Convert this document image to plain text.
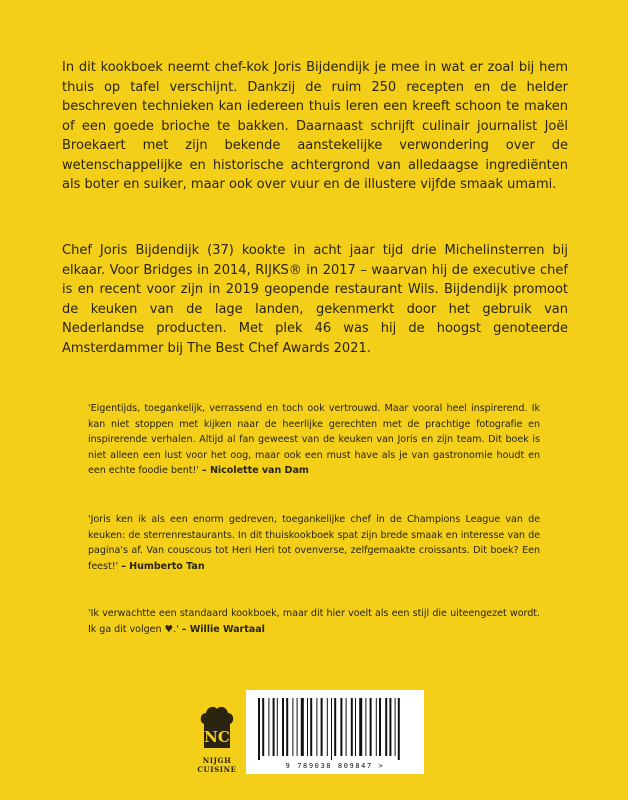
In dit kookboek neemt chef-kok Joris Bijdendijk je mee in wat er zoal bij hem thuis op tafel verschijnt. Dankzij de ruim 250 recepten en de helder beschreven technieken kan iedereen thuis leren een kreeft schoon te maken of een goede brioche te bakken. Daarnaast schrijft culinair journalist Joël Broekaert met zijn bekende aanstekelijke verwondering over de wetenschappelijke en historische achtergrond van alledaagse ingrediënten als boter en suiker, maar ook over vuur en de illustere vijfde smaak umami.

Chef Joris Bijdendijk (37) kookte in acht jaar tijd drie Michelinsterren bij elkaar. Voor Bridges in 2014, RIJKS® in 2017 – waarvan hij de executive chef is en recent voor zijn in 2019 geopende restaurant Wils. Bijdendijk promoot de keuken van de lage landen, gekenmerkt door het gebruik van Nederlandse producten. Met plek 46 was hij de hoogst genoteerde Amsterdammer bij The Best Chef Awards 2021.

'Eigentijds, toegankelijk, verrassend en toch ook vertrouwd. Maar vooral heel inspirerend. Ik kan niet stoppen met kijken naar de heerlijke gerechten met de prachtige fotografie en inspirerende verhalen. Altijd al fan geweest van de keuken van Joris en zijn team. Dit boek is niet alleen een lust voor het oog, maar ook een must have als je van gastronomie houdt en een echte foodie bent!' – Nicolette van Dam

'Joris ken ik als een enorm gedreven, toegankelijke chef in de Champions League van de keuken: de sterrenrestaurants. In dit thuiskookboek spat zijn brede smaak en interesse van de pagina's af. Van couscous tot Heri Heri tot ovenverse, zelfgemaakte croissants. Dit boek? Een feest!' – Humberto Tan

'Ik verwachtte een standaard kookboek, maar dit hier voelt als een stijl die uiteengezet wordt. Ik ga dit volgen ♥.' – Willie Wartaal

NC
NIJGH
CUISINE	9 789038 809847 >
